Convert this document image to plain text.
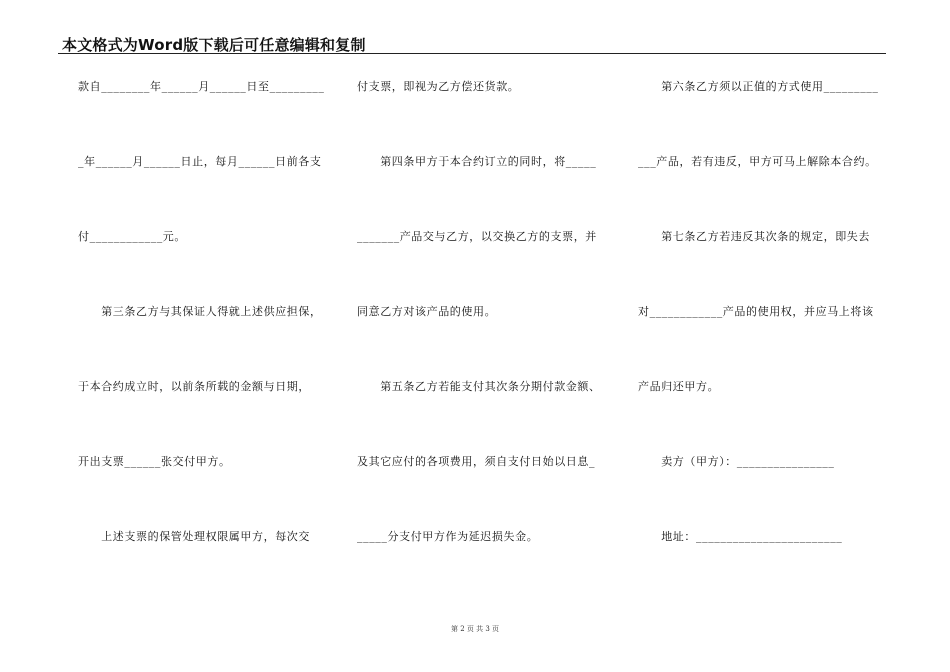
本文格式为Word版下载后可任意编辑和复制
款自________年______月______日至_________
_年______月______日止，每月______日前各支
付____________元。
　　第三条乙方与其保证人得就上述供应担保，
于本合约成立时，以前条所载的金额与日期，
开出支票______张交付甲方。
　　上述支票的保管处理权限属甲方，每次交
付支票，即视为乙方偿还货款。
　　第四条甲方于本合约订立的同时，将_____
_______产品交与乙方，以交换乙方的支票，并
同意乙方对该产品的使用。
　　第五条乙方若能支付其次条分期付款金额、
及其它应付的各项费用，须自支付日始以日息_
_____分支付甲方作为延迟损失金。
　　第六条乙方须以正值的方式使用_________
___产品，若有违反，甲方可马上解除本合约。
　　第七条乙方若违反其次条的规定，即失去
对____________产品的使用权，并应马上将该
产品归还甲方。
　　卖方（甲方）：________________
　　地址：________________________
第 2 页 共 3 页
